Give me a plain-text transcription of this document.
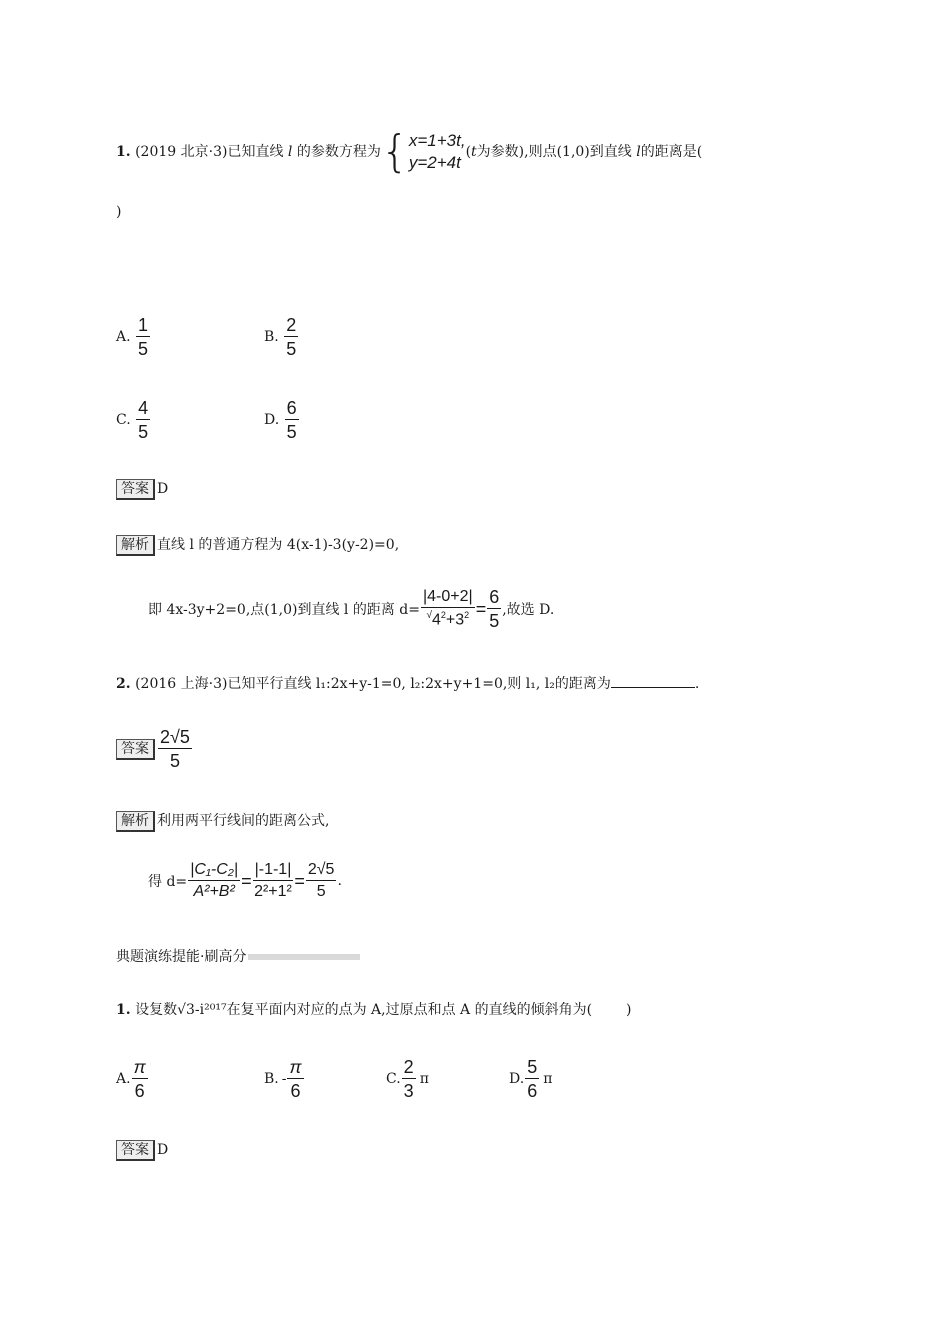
1. (2019 北京·3)已知直线 l 的参数方程为{ x=1+3t,
y=2+4t
(t为参数),则点(1,0)到直线 l的距离是(
)
A. $\frac{1}{5}$	B. $\frac{2}{5}$
C. $\frac{4}{5}$	D. $\frac{6}{5}$
答案 D
解析 直线 l 的普通方程为 4(x-1)-3(y-2)=0,
即 4x-3y+2=0,点(1,0)到直线 l 的距离 $d= \frac{|4-0+2|}{^√4^2+3^2} = \frac{6}{5}$ ,故选 D.
2. (2016 上海·3)已知平行直线 l₁:2x+y-1=0, l₂:2x+y+1=0,则 l₁, l₂的距离为	.
答案 $\frac{2√5}{5}$
解析 利用两平行线间的距离公式,
得 $d= \frac{\text{|C₁-C₂|}}{\text{A²+B²}} = \frac{|-1-1|}{\text{2²+1²}} = \frac{2√5}{5}$ .
典题演练提能·刷高分
1. 设复数√3-i²⁰¹⁷在复平面内对应的点为 A,过原点和点 A 的直线的倾斜角为( )
A. $\frac{\pi}{6}$	B. - $\frac{\pi}{6}$	C. $\frac{2}{3}$ π	D. $\frac{5}{6}$ π
答案 D
